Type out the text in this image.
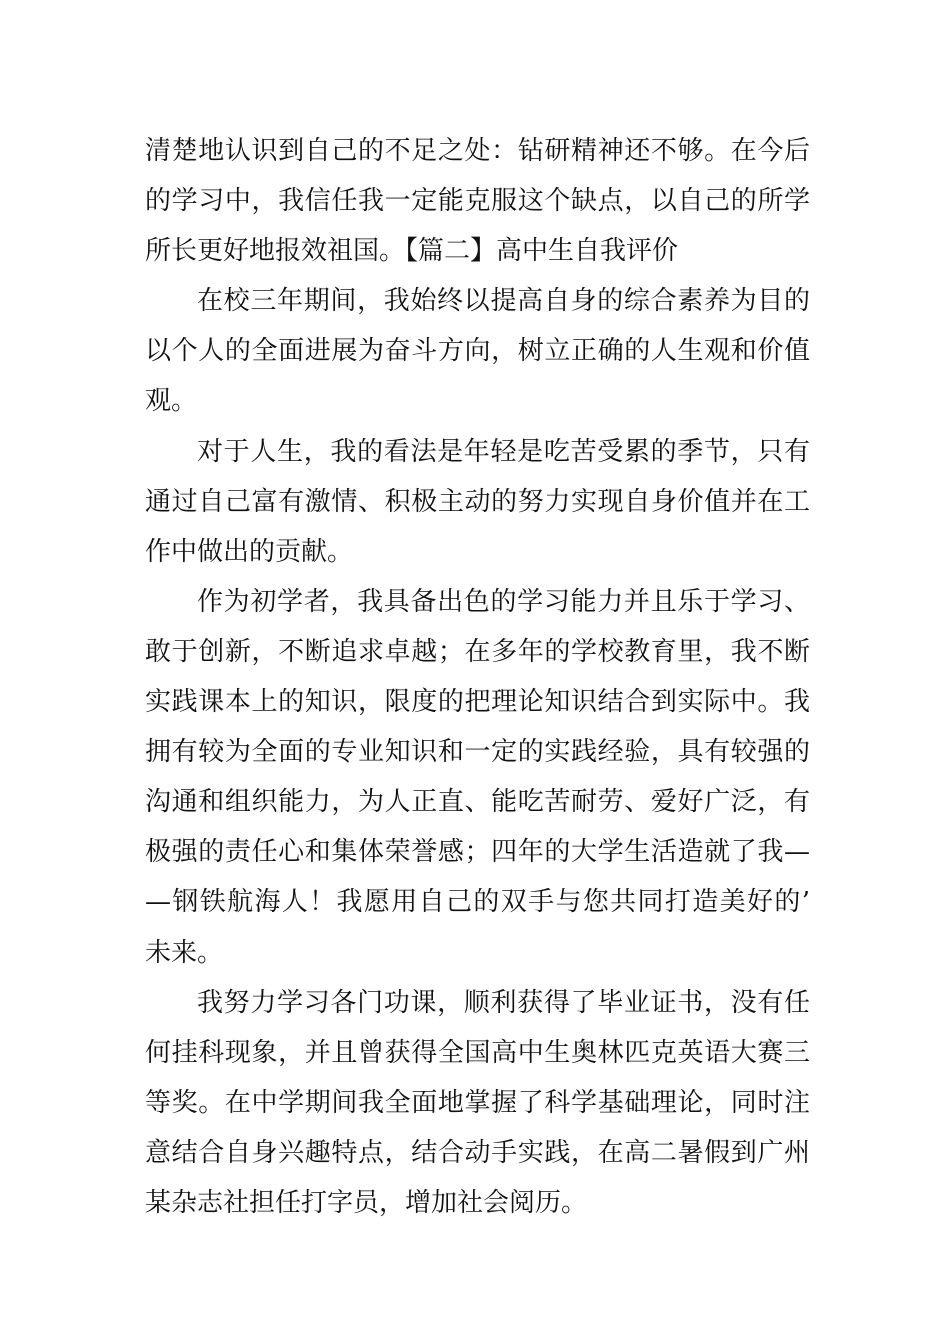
清楚地认识到自己的不足之处：钻研精神还不够。在今后
的学习中，我信任我一定能克服这个缺点，以自己的所学
所长更好地报效祖国。【篇二】高中生自我评价
在校三年期间，我始终以提高自身的综合素养为目的
以个人的全面进展为奋斗方向，树立正确的人生观和价值
观。
对于人生，我的看法是年轻是吃苦受累的季节，只有
通过自己富有激情、积极主动的努力实现自身价值并在工
作中做出的贡献。
作为初学者，我具备出色的学习能力并且乐于学习、
敢于创新，不断追求卓越；在多年的学校教育里，我不断
实践课本上的知识，限度的把理论知识结合到实际中。我
拥有较为全面的专业知识和一定的实践经验，具有较强的
沟通和组织能力，为人正直、能吃苦耐劳、爱好广泛，有
极强的责任心和集体荣誉感；四年的大学生活造就了我—
—钢铁航海人！我愿用自己的双手与您共同打造美好的’
未来。
我努力学习各门功课，顺利获得了毕业证书，没有任
何挂科现象，并且曾获得全国高中生奥林匹克英语大赛三
等奖。在中学期间我全面地掌握了科学基础理论，同时注
意结合自身兴趣特点，结合动手实践，在高二暑假到广州
某杂志社担任打字员，增加社会阅历。
